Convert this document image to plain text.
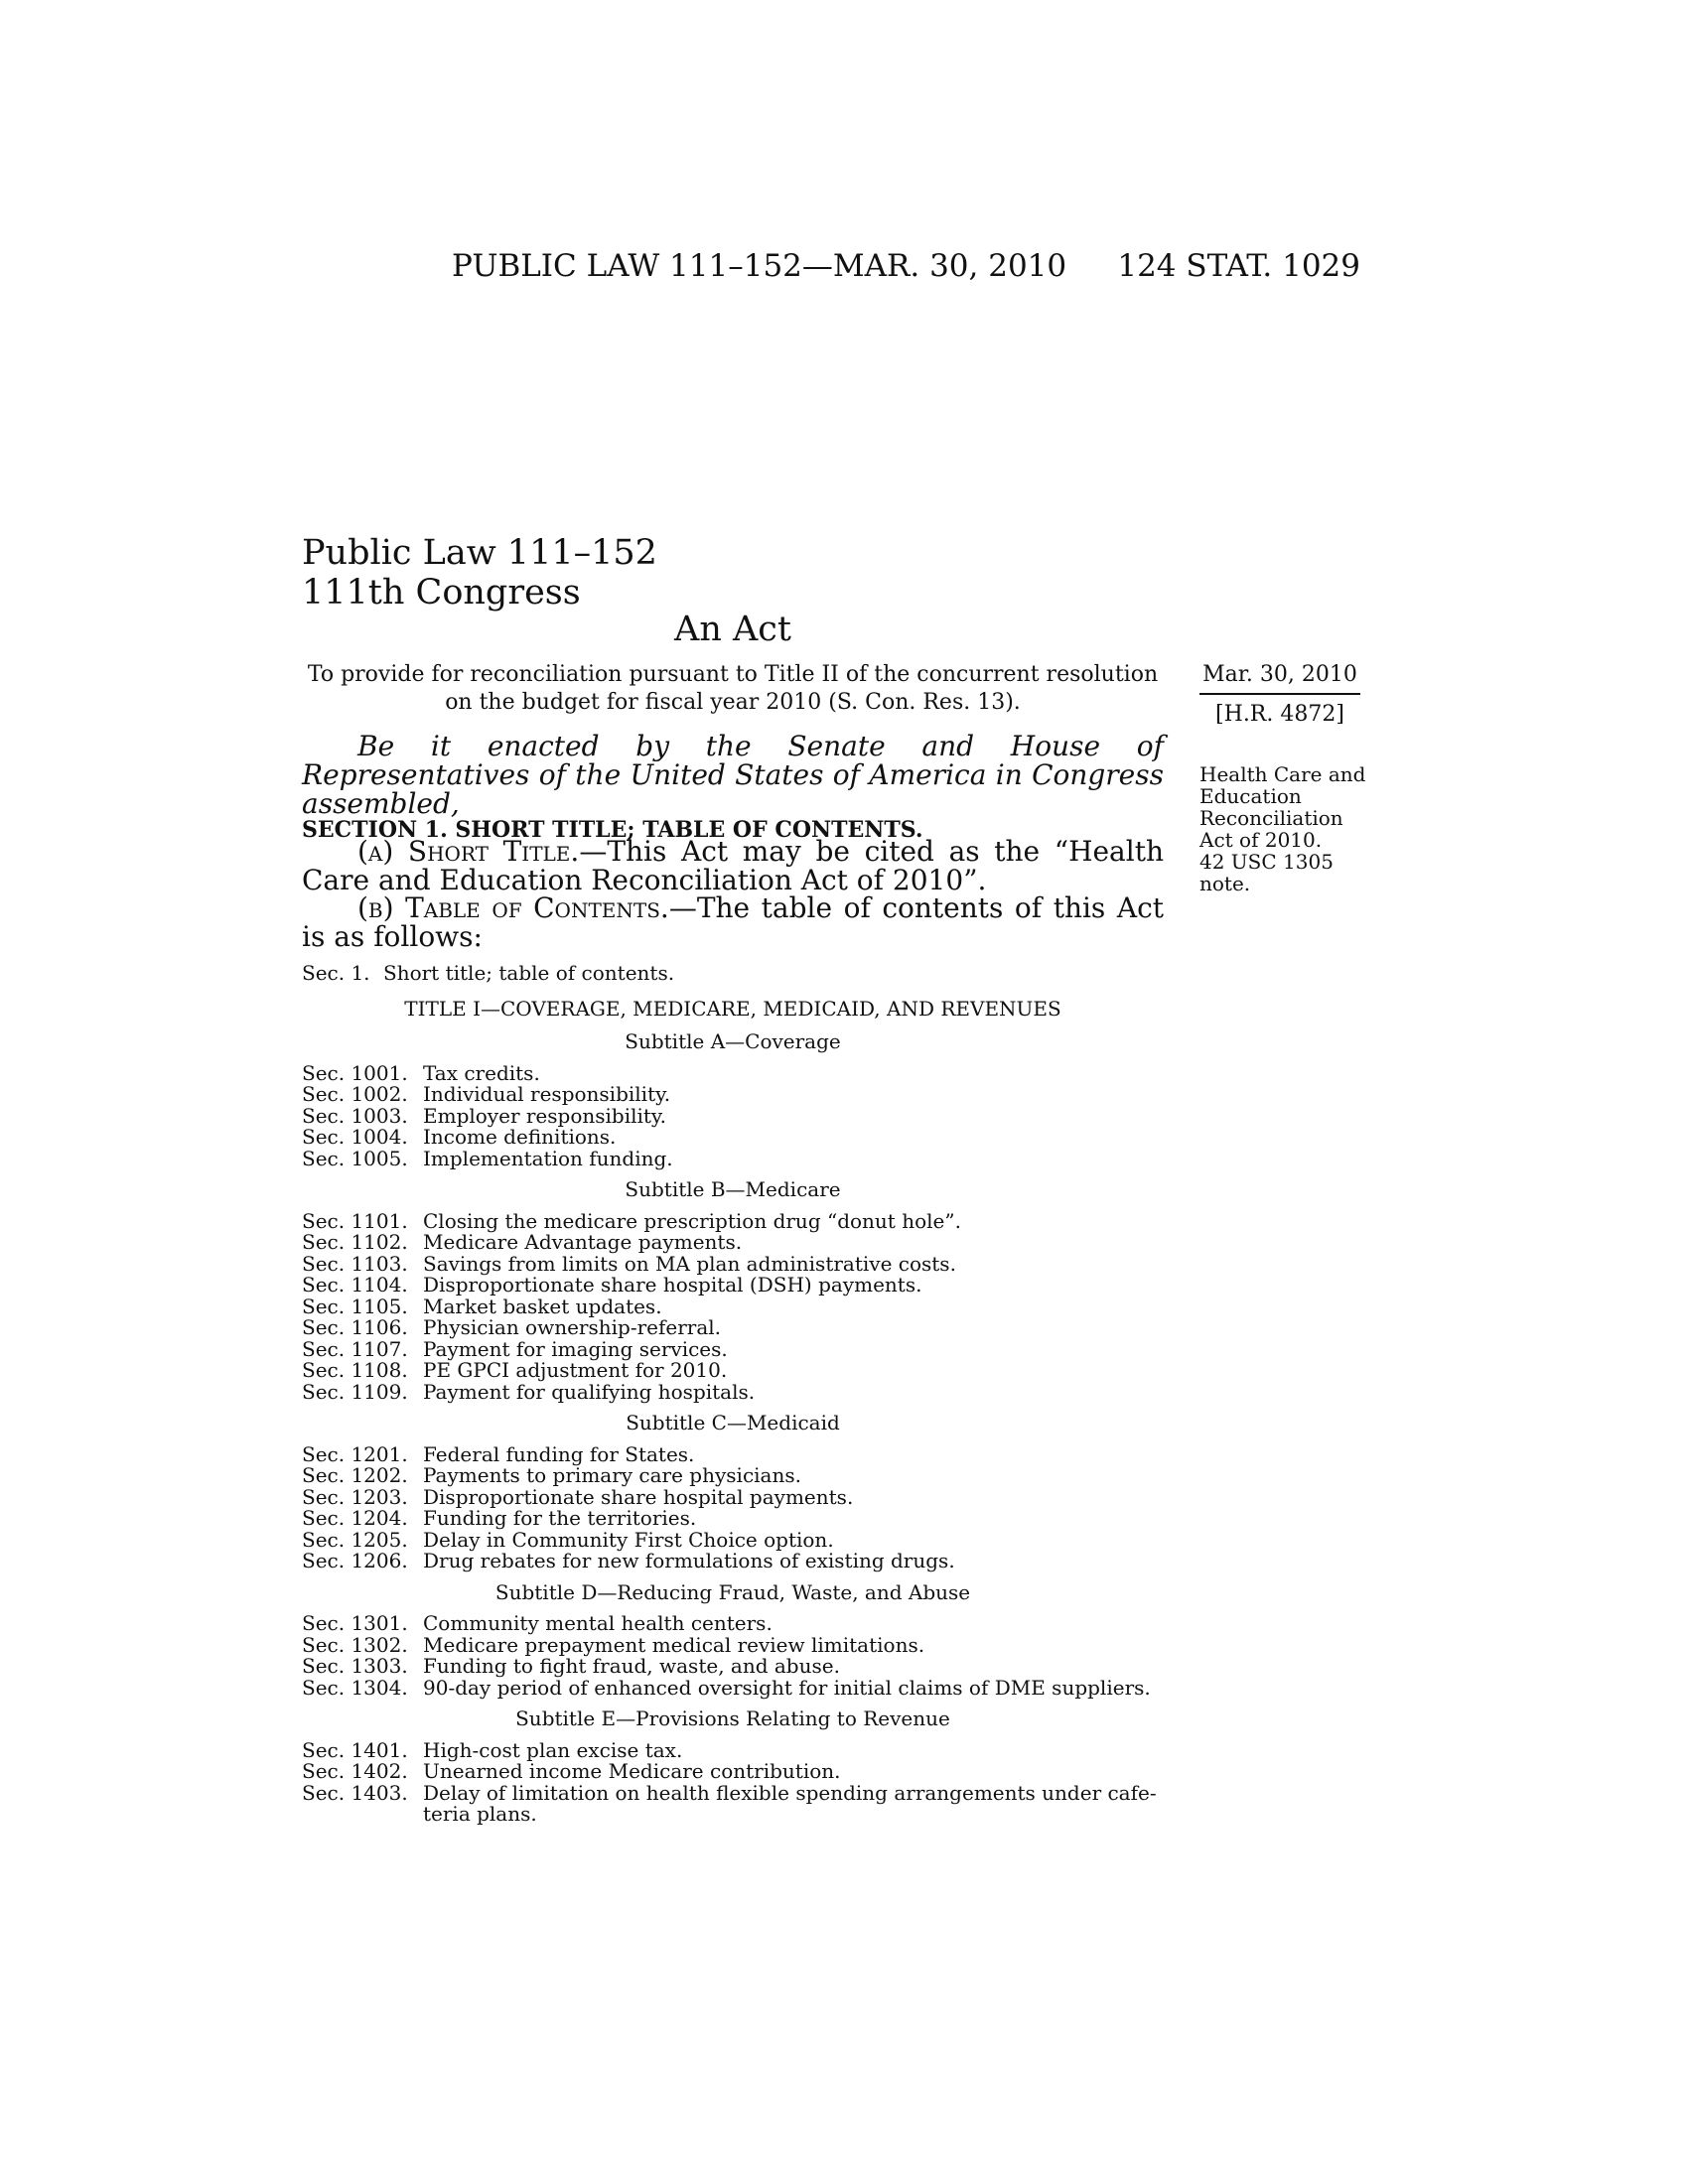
PUBLIC LAW 111–152—MAR. 30, 2010 124 STAT. 1029
Public Law 111–152
111th Congress
An Act
To provide for reconciliation pursuant to Title II of the concurrent resolution on the budget for fiscal year 2010 (S. Con. Res. 13).
Mar. 30, 2010
[H.R. 4872]
Be it enacted by the Senate and House of Representatives of the United States of America in Congress assembled,
SECTION 1. SHORT TITLE; TABLE OF CONTENTS.
(a) Short Title.—This Act may be cited as the “Health Care and Education Reconciliation Act of 2010”.
(b) Table of Contents.—The table of contents of this Act is as follows:
Health Care and
Education
Reconciliation
Act of 2010.
42 USC 1305
note.
Sec. 1. Short title; table of contents.
TITLE I—COVERAGE, MEDICARE, MEDICAID, AND REVENUES
Subtitle A—Coverage
Sec. 1001. Tax credits.
Sec. 1002. Individual responsibility.
Sec. 1003. Employer responsibility.
Sec. 1004. Income definitions.
Sec. 1005. Implementation funding.
Subtitle B—Medicare
Sec. 1101. Closing the medicare prescription drug “donut hole”.
Sec. 1102. Medicare Advantage payments.
Sec. 1103. Savings from limits on MA plan administrative costs.
Sec. 1104. Disproportionate share hospital (DSH) payments.
Sec. 1105. Market basket updates.
Sec. 1106. Physician ownership-referral.
Sec. 1107. Payment for imaging services.
Sec. 1108. PE GPCI adjustment for 2010.
Sec. 1109. Payment for qualifying hospitals.
Subtitle C—Medicaid
Sec. 1201. Federal funding for States.
Sec. 1202. Payments to primary care physicians.
Sec. 1203. Disproportionate share hospital payments.
Sec. 1204. Funding for the territories.
Sec. 1205. Delay in Community First Choice option.
Sec. 1206. Drug rebates for new formulations of existing drugs.
Subtitle D—Reducing Fraud, Waste, and Abuse
Sec. 1301. Community mental health centers.
Sec. 1302. Medicare prepayment medical review limitations.
Sec. 1303. Funding to fight fraud, waste, and abuse.
Sec. 1304. 90-day period of enhanced oversight for initial claims of DME suppliers.
Subtitle E—Provisions Relating to Revenue
Sec. 1401. High-cost plan excise tax.
Sec. 1402. Unearned income Medicare contribution.
Sec. 1403. Delay of limitation on health flexible spending arrangements under cafe-
teria plans.
